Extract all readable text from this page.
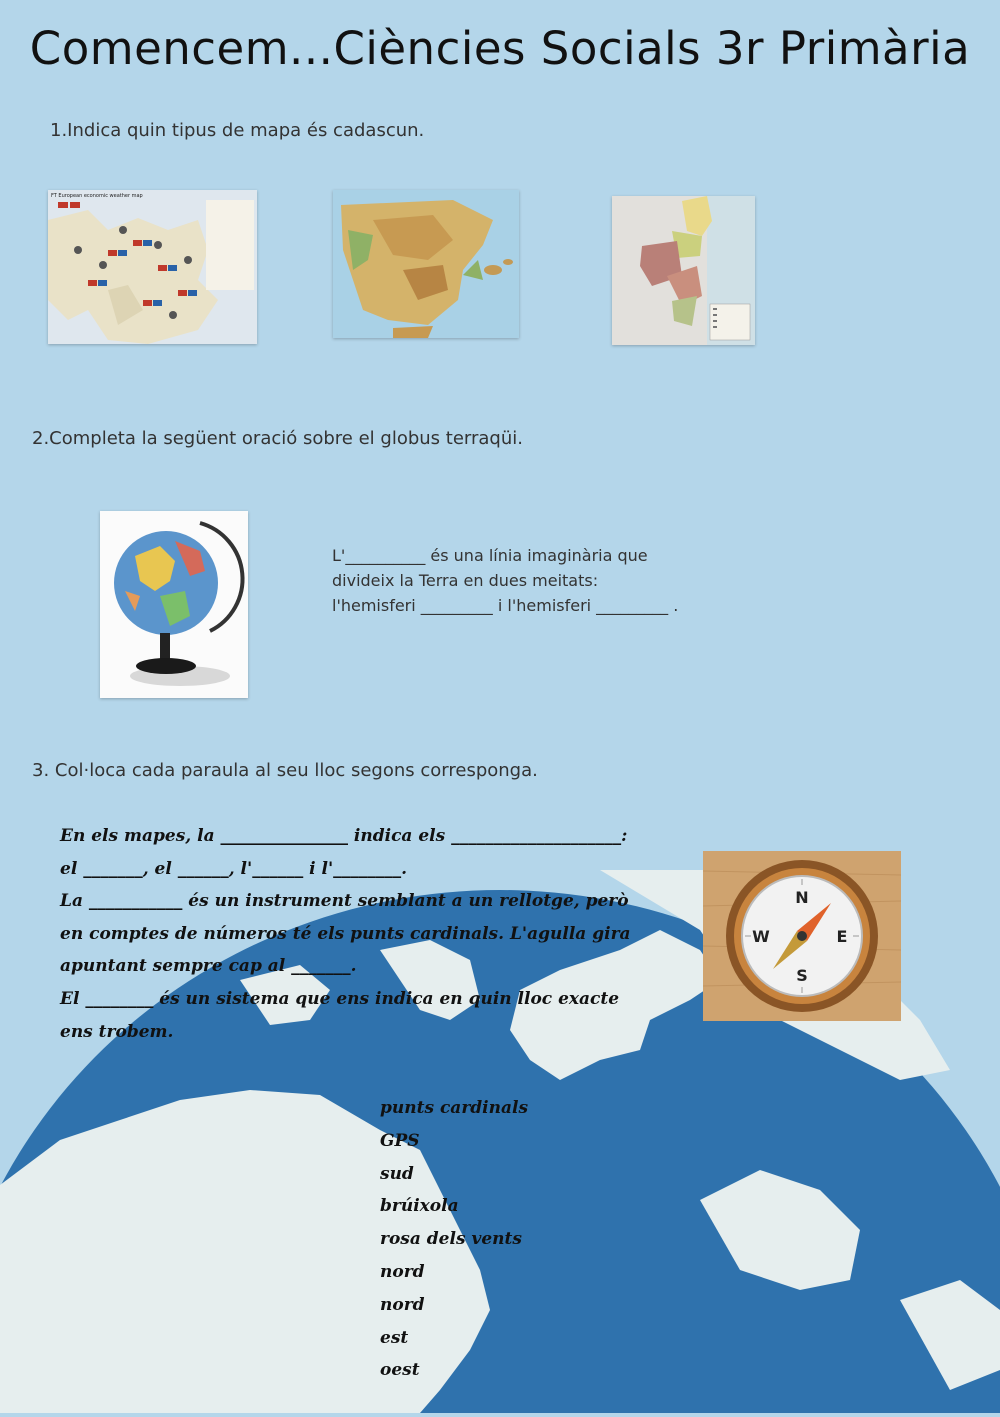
Comencem...Ciències Socials 3r Primària
1.Indica quin tipus de mapa és cadascun.
FT European economic weather map
2.Completa la següent oració sobre el globus terraqüi.
L'__________ és una línia imaginària que
divideix la Terra en dues meitats:
l'hemisferi _________ i l'hemisferi _________ .
3. Col·loca cada paraula al seu lloc segons corresponga.
En els mapes, la _______________ indica els ____________________:
el _______, el ______, l'______ i l'________.
La ___________ és un instrument semblant a un rellotge, però
en comptes de números té els punts cardinals. L'agulla gira
apuntant sempre cap al _______.
El ________ és un sistema que ens indica en quin lloc exacte
ens trobem.
N
S
E
W
punts cardinals
GPS
sud
brúixola
rosa dels vents
nord
nord
est
oest
